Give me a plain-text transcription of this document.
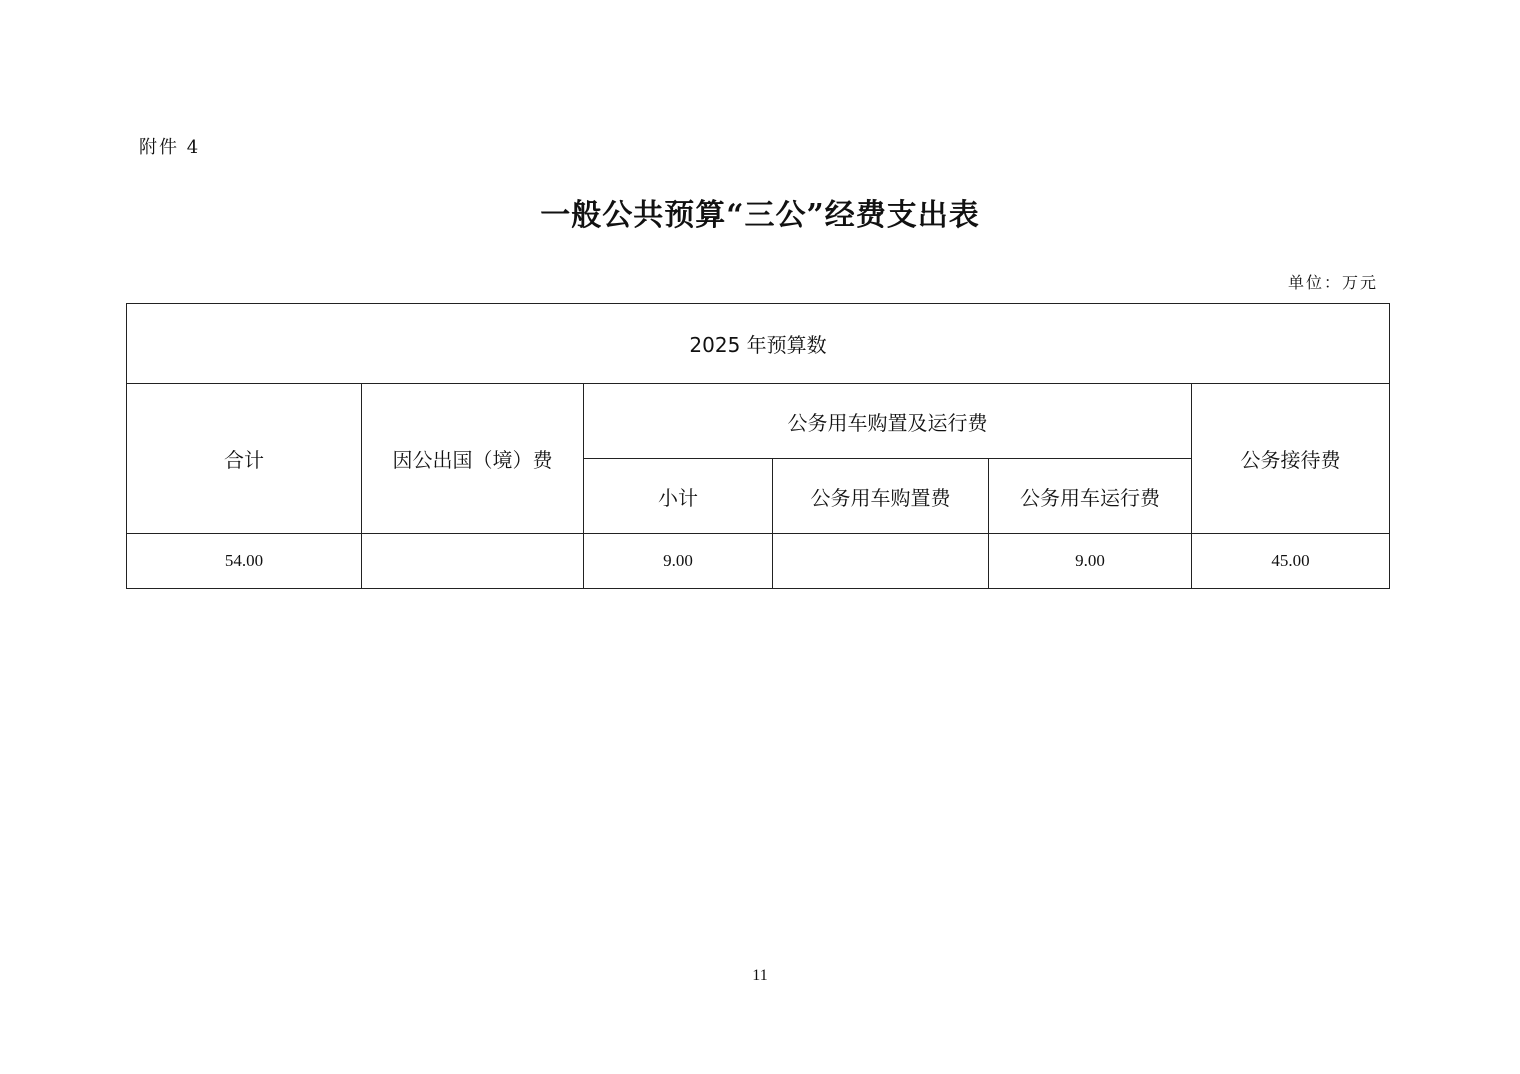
附件 4
一般公共预算“三公”经费支出表
单位：万元
2025 年预算数					
合计	因公出国（境）费	公务用车购置及运行费			公务接待费
		小计	公务用车购置费	公务用车运行费	
54.00		9.00		9.00	45.00
11
